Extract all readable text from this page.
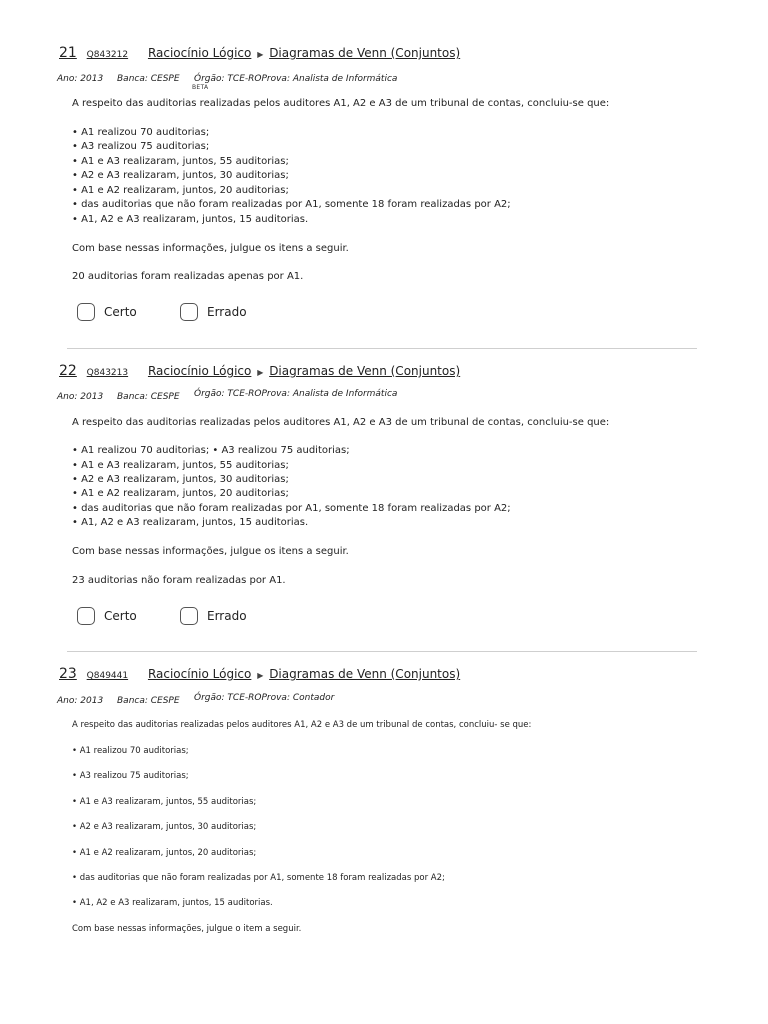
21 Q843212 Raciocínio Lógico ▶ Diagramas de Venn (Conjuntos)
Ano: 2013 Banca: CESPE Órgão: TCE-ROProva: Analista de Informática
BETA
A respeito das auditorias realizadas pelos auditores A1, A2 e A3 de um tribunal de contas, concluiu-se que:
• A1 realizou 70 auditorias;
• A3 realizou 75 auditorias;
• A1 e A3 realizaram, juntos, 55 auditorias;
• A2 e A3 realizaram, juntos, 30 auditorias;
• A1 e A2 realizaram, juntos, 20 auditorias;
• das auditorias que não foram realizadas por A1, somente 18 foram realizadas por A2;
• A1, A2 e A3 realizaram, juntos, 15 auditorias.
Com base nessas informações, julgue os itens a seguir.
20 auditorias foram realizadas apenas por A1.
Certo	Errado
22 Q843213 Raciocínio Lógico ▶ Diagramas de Venn (Conjuntos)
Ano: 2013 Banca: CESPE Órgão: TCE-ROProva: Analista de Informática
A respeito das auditorias realizadas pelos auditores A1, A2 e A3 de um tribunal de contas, concluiu-se que:
• A1 realizou 70 auditorias; • A3 realizou 75 auditorias;
• A1 e A3 realizaram, juntos, 55 auditorias;
• A2 e A3 realizaram, juntos, 30 auditorias;
• A1 e A2 realizaram, juntos, 20 auditorias;
• das auditorias que não foram realizadas por A1, somente 18 foram realizadas por A2;
• A1, A2 e A3 realizaram, juntos, 15 auditorias.
Com base nessas informações, julgue os itens a seguir.
23 auditorias não foram realizadas por A1.
Certo	Errado
23 Q849441 Raciocínio Lógico ▶ Diagramas de Venn (Conjuntos)
Ano: 2013 Banca: CESPE Órgão: TCE-ROProva: Contador
A respeito das auditorias realizadas pelos auditores A1, A2 e A3 de um tribunal de contas, concluiu- se que:
• A1 realizou 70 auditorias;
• A3 realizou 75 auditorias;
• A1 e A3 realizaram, juntos, 55 auditorias;
• A2 e A3 realizaram, juntos, 30 auditorias;
• A1 e A2 realizaram, juntos, 20 auditorias;
• das auditorias que não foram realizadas por A1, somente 18 foram realizadas por A2;
• A1, A2 e A3 realizaram, juntos, 15 auditorias.
Com base nessas informações, julgue o item a seguir.
